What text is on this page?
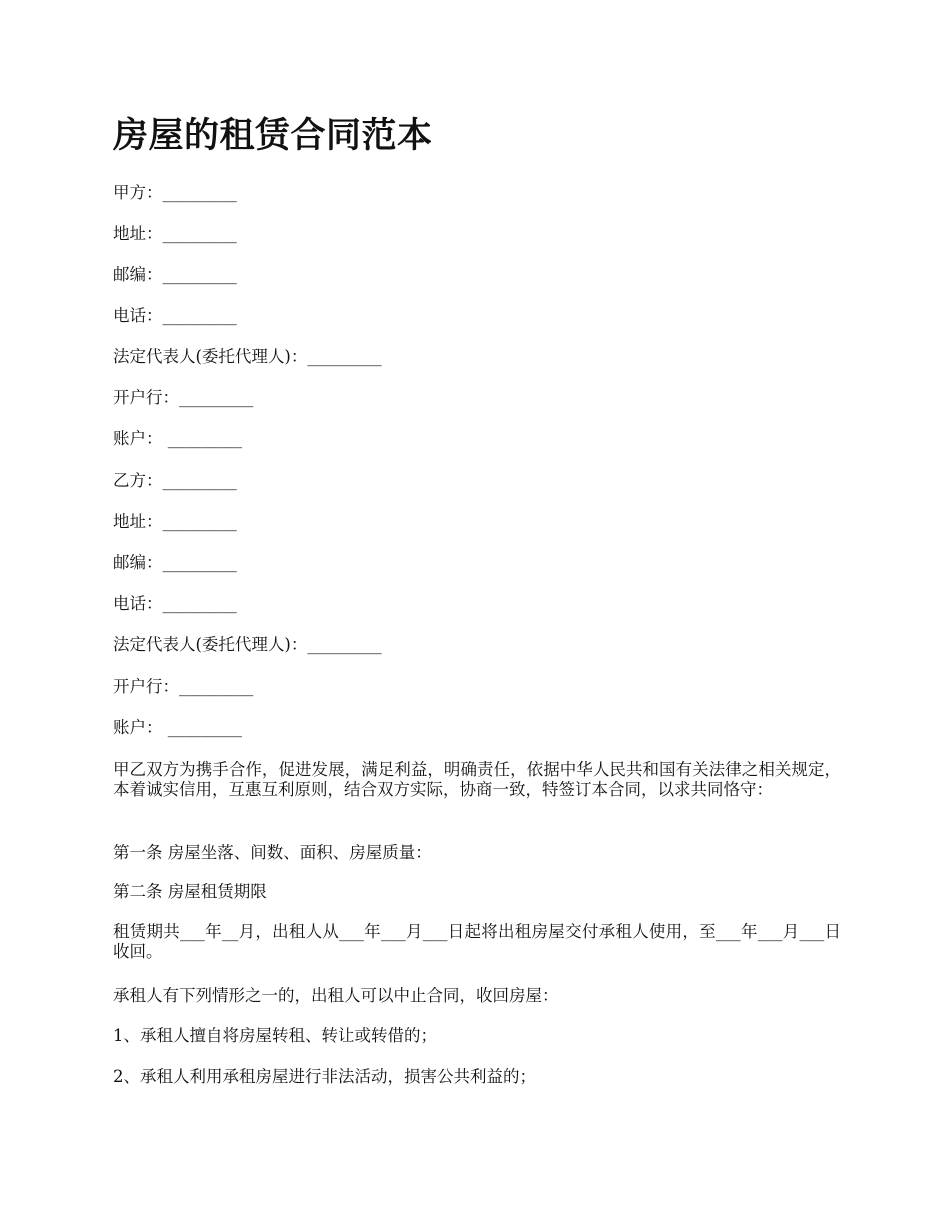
房屋的租赁合同范本

甲方：_________

地址：_________

邮编：_________

电话：_________

法定代表人(委托代理人)：_________

开户行：_________

账户： _________

乙方：_________

地址：_________

邮编：_________

电话：_________

法定代表人(委托代理人)：_________

开户行：_________

账户： _________

甲乙双方为携手合作，促进发展，满足利益，明确责任，依据中华人民共和国有关法律之相关规定，本着诚实信用，互惠互利原则，结合双方实际，协商一致，特签订本合同，以求共同恪守：

第一条 房屋坐落、间数、面积、房屋质量：

第二条 房屋租赁期限

租赁期共___年__月，出租人从___年___月___日起将出租房屋交付承租人使用，至___年___月___日收回。

承租人有下列情形之一的，出租人可以中止合同，收回房屋：

1、承租人擅自将房屋转租、转让或转借的；

2、承租人利用承租房屋进行非法活动，损害公共利益的；
